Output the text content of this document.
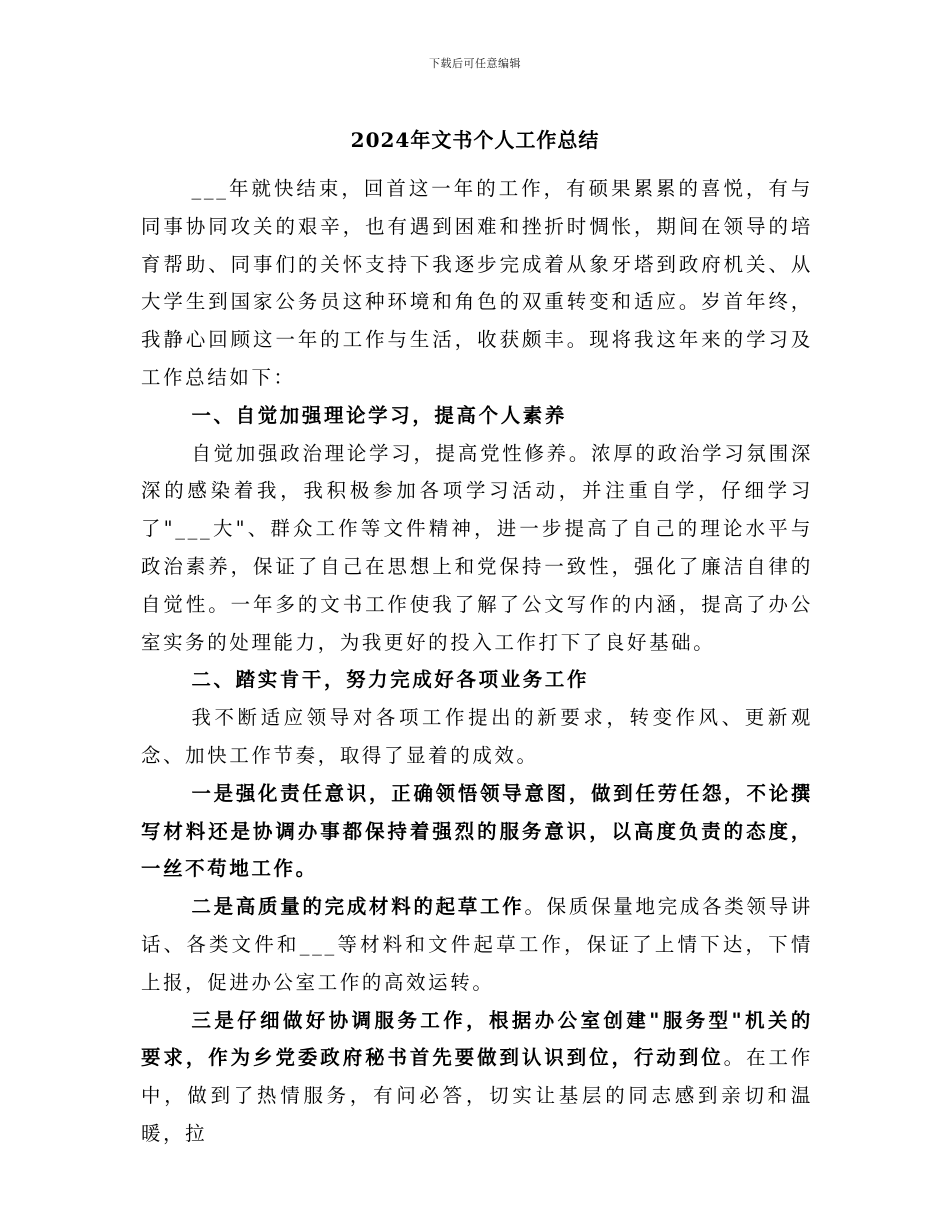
下载后可任意编辑
2024年文书个人工作总结

___年就快结束，回首这一年的工作，有硕果累累的喜悦，有与同事协同攻关的艰辛，也有遇到困难和挫折时惆怅，期间在领导的培育帮助、同事们的关怀支持下我逐步完成着从象牙塔到政府机关、从大学生到国家公务员这种环境和角色的双重转变和适应。岁首年终，我静心回顾这一年的工作与生活，收获颇丰。现将我这年来的学习及工作总结如下：

一、自觉加强理论学习，提高个人素养

自觉加强政治理论学习，提高党性修养。浓厚的政治学习氛围深深的感染着我，我积极参加各项学习活动，并注重自学，仔细学习了"___大"、群众工作等文件精神，进一步提高了自己的理论水平与政治素养，保证了自己在思想上和党保持一致性，强化了廉洁自律的自觉性。一年多的文书工作使我了解了公文写作的内涵，提高了办公室实务的处理能力，为我更好的投入工作打下了良好基础。

二、踏实肯干，努力完成好各项业务工作

我不断适应领导对各项工作提出的新要求，转变作风、更新观念、加快工作节奏，取得了显着的成效。

一是强化责任意识，正确领悟领导意图，做到任劳任怨，不论撰写材料还是协调办事都保持着强烈的服务意识，以高度负责的态度，一丝不苟地工作。

二是高质量的完成材料的起草工作。保质保量地完成各类领导讲话、各类文件和___等材料和文件起草工作，保证了上情下达，下情上报，促进办公室工作的高效运转。

三是仔细做好协调服务工作，根据办公室创建"服务型"机关的要求，作为乡党委政府秘书首先要做到认识到位，行动到位。在工作中，做到了热情服务，有问必答，切实让基层的同志感到亲切和温暖，拉
